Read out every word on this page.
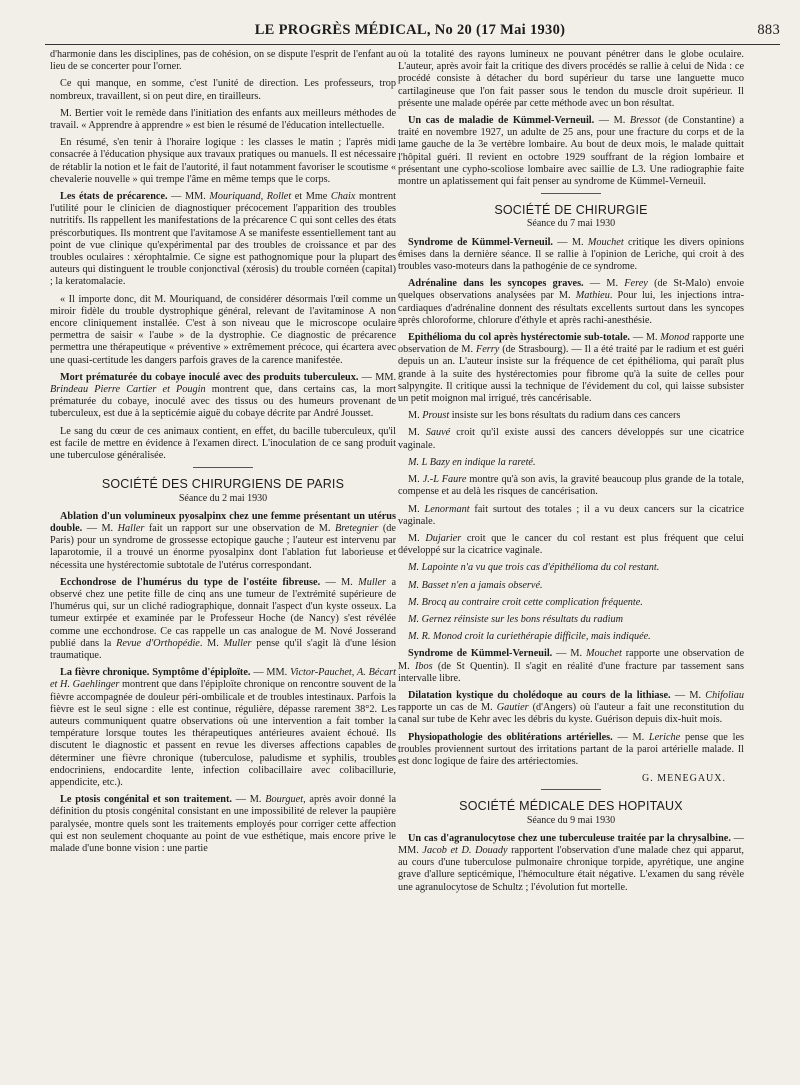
LE PROGRÈS MÉDICAL, No 20 (17 Mai 1930)	883

d'harmonie dans les disciplines, pas de cohésion, on se dispute l'esprit de l'enfant au lieu de se concerter pour l'orner.

Ce qui manque, en somme, c'est l'unité de direction. Les professeurs, trop nombreux, travaillent, si on peut dire, en tirailleurs.

M. Bertier voit le remède dans l'initiation des enfants aux meilleurs méthodes de travail. « Apprendre à apprendre » est bien le résumé de l'éducation intellectuelle.

En résumé, s'en tenir à l'horaire logique : les classes le matin ; l'après midi consacrée à l'éducation physique aux travaux pratiques ou manuels. Il est nécessaire de rétablir la notion et le fait de l'autorité, il faut notamment favoriser le scoutisme « chevalerie nouvelle » qui trempe l'âme en même temps que le corps.

Les états de précarence. — MM. Mouriquand, Rollet et Mme Chaix montrent l'utilité pour le clinicien de diagnostiquer précocement l'apparition des troubles nutritifs. Ils rappellent les manifestations de la précarence C qui sont celles des états préscorbutiques. Ils montrent que l'avitamose A se manifeste essentiellement tant au point de vue clinique qu'expérimental par des troubles de croissance et par des troubles oculaires : xérophtalmie. Ce signe est pathognomique pour la plupart des auteurs qui distinguent le trouble conjonctival (xérosis) du trouble cornéen (capital) ; la keratomalacie.

« Il importe donc, dit M. Mouriquand, de considérer désormais l'œil comme un miroir fidèle du trouble dystrophique général, relevant de l'avitaminose A non encore cliniquement installée. C'est à son niveau que le microscope oculaire permettra de saisir « l'aube » de la dystrophie. Ce diagnostic de précarence permettra une thérapeutique « préventive » extrêmement précoce, qui écartera avec une quasi-certitude les dangers parfois graves de la carence manifestée.

Mort prématurée du cobaye inoculé avec des produits tuberculeux. — MM. Brindeau Pierre Cartier et Pougin montrent que, dans certains cas, la mort prématurée du cobaye, inoculé avec des tissus ou des humeurs provenant de tuberculeux, est due à la septicémie aiguë du cobaye décrite par André Jousset.

Le sang du cœur de ces animaux contient, en effet, du bacille tuberculeux, qu'il est facile de mettre en évidence à l'examen direct. L'inoculation de ce sang produit une tuberculose généralisée.

SOCIÉTÉ DES CHIRURGIENS DE PARIS
Séance du 2 mai 1930

Ablation d'un volumineux pyosalpinx chez une femme présentant un utérus double. — M. Haller fait un rapport sur une observation de M. Bretegnier (de Paris) pour un syndrome de grossesse ectopique gauche ; l'auteur est intervenu par laparotomie, il a trouvé un énorme pyosalpinx dont l'ablation fut laborieuse et nécessita une hystérectomie subtotale de l'utérus correspondant.

Ecchondrose de l'humérus du type de l'ostéite fibreuse. — M. Muller a observé chez une petite fille de cinq ans une tumeur de l'extrémité supérieure de l'humérus qui, sur un cliché radiographique, donnait l'aspect d'un kyste osseux. La tumeur extirpée et examinée par le Professeur Hoche (de Nancy) s'est révélée comme une ecchondrose. Ce cas rappelle un cas analogue de M. Nové Josserand publié dans la Revue d'Orthopédie. M. Muller pense qu'il s'agit là d'une lésion traumatique.

La fièvre chronique. Symptôme d'épiploïte. — MM. Victor-Pauchet, A. Bécart et H. Gaehlinger montrent que dans l'épiploïte chronique on rencontre souvent de la fièvre accompagnée de douleur péri-ombilicale et de troubles intestinaux. Parfois la fièvre est le seul signe : elle est continue, régulière, dépasse rarement 38°2. Les auteurs communiquent quatre observations où une intervention a fait tomber la température lorsque toutes les thérapeutiques antérieures avaient échoué. Ils discutent le diagnostic et passent en revue les diverses affections capables de déterminer une fièvre chronique (tuberculose, paludisme et syphilis, troubles endocriniens, endocardite lente, infection colibacillaire avec colibacillurie, appendicite, etc.).

Le ptosis congénital et son traitement. — M. Bourguet, après avoir donné la définition du ptosis congénital consistant en une impossibilité de relever la paupière paralysée, montre quels sont les traitements employés pour corriger cette affection qui est non seulement choquante au point de vue esthétique, mais encore prive le malade d'une bonne vision : une partie

où la totalité des rayons lumineux ne pouvant pénétrer dans le globe oculaire. L'auteur, après avoir fait la critique des divers procédés se rallie à celui de Nida : ce procédé consiste à détacher du bord supérieur du tarse une languette muco cartilagineuse que l'on fait passer sous le tendon du muscle droit supérieur. Il présente une malade opérée par cette méthode avec un bon résultat.

Un cas de maladie de Kümmel-Verneuil. — M. Bressot (de Constantine) a traité en novembre 1927, un adulte de 25 ans, pour une fracture du corps et de la lame gauche de la 3e vertèbre lombaire. Au bout de deux mois, le malade quittait l'hôpital guéri. Il revient en octobre 1929 souffrant de la région lombaire et présentant une cypho-scoliose lombaire avec saillie de L3. Une radiographie faite montre un aplatissement qui fait penser au syndrome de Kümmel-Verneuil.

SOCIÉTÉ DE CHIRURGIE
Séance du 7 mai 1930

Syndrome de Kümmel-Verneuil. — M. Mouchet critique les divers opinions émises dans la dernière séance. Il se rallie à l'opinion de Leriche, qui croit à des troubles vaso-moteurs dans la pathogénie de ce syndrome.

Adrénaline dans les syncopes graves. — M. Ferey (de St-Malo) envoie quelques observations analysées par M. Mathieu. Pour lui, les injections intra-cardiaques d'adrénaline donnent des résultats excellents surtout dans les syncopes après chloroforme, chlorure d'éthyle et après rachi-anesthésie.

Epithélioma du col après hystérectomie sub-totale. — M. Monod rapporte une observation de M. Ferry (de Strasbourg). — Il a été traité par le radium et est guéri depuis un an. L'auteur insiste sur la fréquence de cet épithélioma, qui paraît plus grande à la suite des hystérectomies pour fibrome qu'à la suite de celles pour salpyngite. Il critique aussi la technique de l'évidement du col, qui laisse subsister un petit moignon mal irrigué, très cancérisable.

M. Proust insiste sur les bons résultats du radium dans ces cancers

M. Sauvé croit qu'il existe aussi des cancers développés sur une cicatrice vaginale.

M. L Bazy en indique la rareté.

M. J.-L Faure montre qu'à son avis, la gravité beaucoup plus grande de la totale, compense et au delà les risques de cancérisation.

M. Lenormant fait surtout des totales ; il a vu deux cancers sur la cicatrice vaginale.

M. Dujarier croit que le cancer du col restant est plus fréquent que celui développé sur la cicatrice vaginale.

M. Lapointe n'a vu que trois cas d'épithélioma du col restant.

M. Basset n'en a jamais observé.

M. Brocq au contraire croit cette complication fréquente.

M. Gernez réinsiste sur les bons résultats du radium

M. R. Monod croit la curiethérapie difficile, mais indiquée.

Syndrome de Kümmel-Verneuil. — M. Mouchet rapporte une observation de M. Ibos (de St Quentin). Il s'agit en réalité d'une fracture par tassement sans intervalle libre.

Dilatation kystique du cholédoque au cours de la lithiase. — M. Chifoliau rapporte un cas de M. Gautier (d'Angers) où l'auteur a fait une reconstitution du canal sur tube de Kehr avec les débris du kyste. Guérison depuis dix-huit mois.

Physiopathologie des oblitérations artérielles. — M. Leriche pense que les troubles proviennent surtout des irritations partant de la paroi artérielle malade. Il est donc logique de faire des artériectomies.

G. MENEGAUX.
SOCIÉTÉ MÉDICALE DES HOPITAUX
Séance du 9 mai 1930

Un cas d'agranulocytose chez une tuberculeuse traitée par la chrysalbine. — MM. Jacob et D. Douady rapportent l'observation d'une malade chez qui apparut, au cours d'une tuberculose pulmonaire chronique torpide, apyrétique, une angine grave d'allure septicémique, l'hémoculture était négative. L'examen du sang révèle une agranulocytose de Schultz ; l'évolution fut mortelle.
